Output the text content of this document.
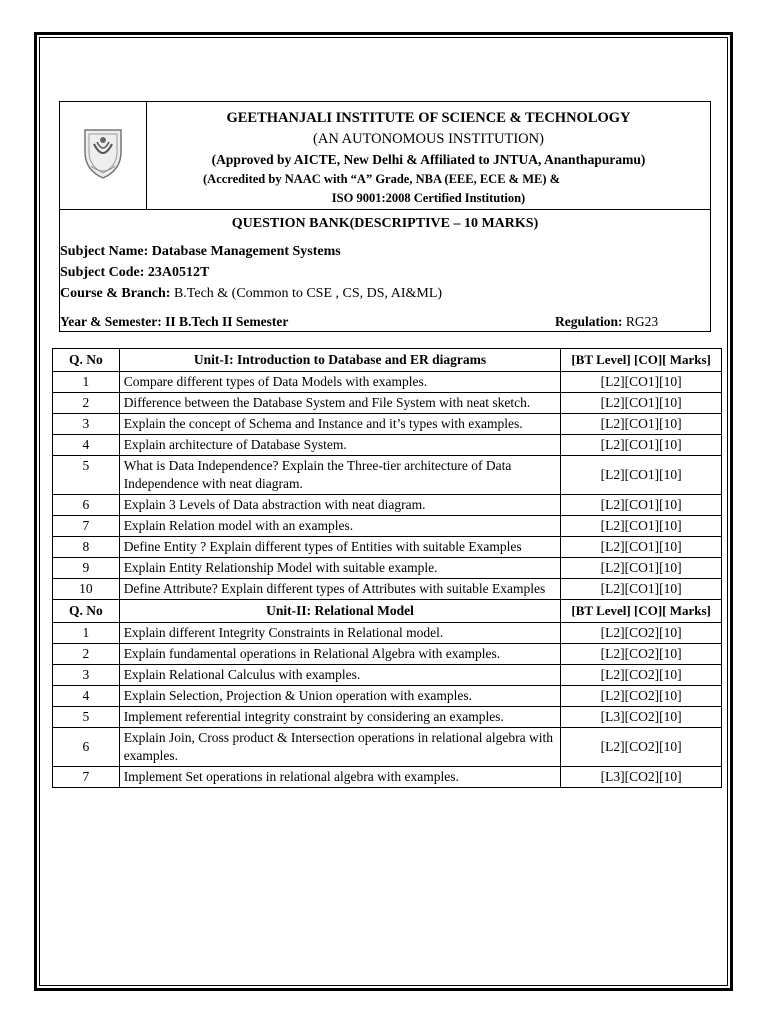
GEETHANJALI INSTITUTE OF SCIENCE & TECHNOLOGY
(AN AUTONOMOUS INSTITUTION)
(Approved by AICTE, New Delhi & Affiliated to JNTUA, Ananthapuramu)
(Accredited by NAAC with “A” Grade, NBA (EEE, ECE & ME) &
ISO 9001:2008 Certified Institution)
QUESTION BANK(DESCRIPTIVE – 10 MARKS)
Subject Name: Database Management Systems
Subject Code: 23A0512T
Course & Branch: B.Tech & (Common to CSE , CS, DS, AI&ML)
Year & Semester: II B.Tech II Semester	Regulation: RG23
Q. No	Unit-I: Introduction to Database and ER diagrams	[BT Level] [CO][ Marks]
1	Compare different types of Data Models with examples.	[L2][CO1][10]
2	Difference between the Database System and File System with neat sketch.	[L2][CO1][10]
3	Explain the concept of Schema and Instance and it’s types with examples.	[L2][CO1][10]
4	Explain architecture of Database System.	[L2][CO1][10]
5	What is Data Independence? Explain the Three-tier architecture of Data Independence with neat diagram.	[L2][CO1][10]
6	Explain 3 Levels of Data abstraction with neat diagram.	[L2][CO1][10]
7	Explain Relation model with an examples.	[L2][CO1][10]
8	Define Entity ? Explain different types of Entities with suitable Examples	[L2][CO1][10]
9	Explain Entity Relationship Model with suitable example.	[L2][CO1][10]
10	Define Attribute? Explain different types of Attributes with suitable Examples	[L2][CO1][10]
Q. No	Unit-II: Relational Model	[BT Level] [CO][ Marks]
1	Explain different Integrity Constraints in Relational model.	[L2][CO2][10]
2	Explain fundamental operations in Relational Algebra with examples.	[L2][CO2][10]
3	Explain Relational Calculus with examples.	[L2][CO2][10]
4	Explain Selection, Projection & Union operation with examples.	[L2][CO2][10]
5	Implement referential integrity constraint by considering an examples.	[L3][CO2][10]
6	Explain Join, Cross product & Intersection operations in relational algebra with examples.	[L2][CO2][10]
7	Implement Set operations in relational algebra with examples.	[L3][CO2][10]
